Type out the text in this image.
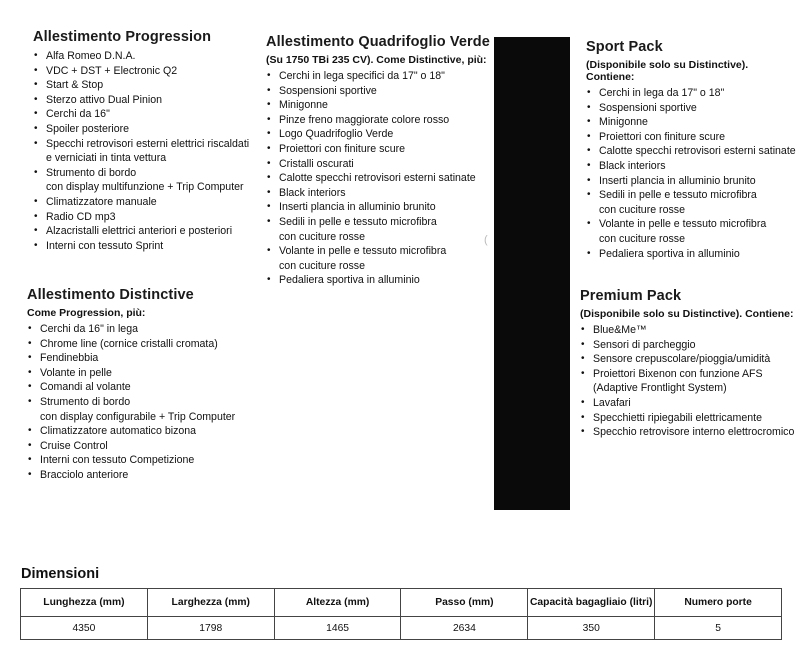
Allestimento Progression
• Alfa Romeo D.N.A.
• VDC + DST + Electronic Q2
• Start & Stop
• Sterzo attivo Dual Pinion
• Cerchi da 16"
• Spoiler posteriore
• Specchi retrovisori esterni elettrici riscaldati
e verniciati in tinta vettura
• Strumento di bordo
con display multifunzione + Trip Computer
• Climatizzatore manuale
• Radio CD mp3
• Alzacristalli elettrici anteriori e posteriori
• Interni con tessuto Sprint
Allestimento Distinctive
Come Progression, più:
• Cerchi da 16" in lega
• Chrome line (cornice cristalli cromata)
• Fendinebbia
• Volante in pelle
• Comandi al volante
• Strumento di bordo
con display configurabile + Trip Computer
• Climatizzatore automatico bizona
• Cruise Control
• Interni con tessuto Competizione
• Bracciolo anteriore
Allestimento Quadrifoglio Verde
(Su 1750 TBi 235 CV). Come Distinctive, più:
• Cerchi in lega specifici da 17" o 18"
• Sospensioni sportive
• Minigonne
• Pinze freno maggiorate colore rosso
• Logo Quadrifoglio Verde
• Proiettori con finiture scure
• Cristalli oscurati
• Calotte specchi retrovisori esterni satinate
• Black interiors
• Inserti plancia in alluminio brunito
• Sedili in pelle e tessuto microfibra
con cuciture rosse
• Volante in pelle e tessuto microfibra
con cuciture rosse
• Pedaliera sportiva in alluminio
(
Sport Pack
(Disponibile solo su Distinctive). Contiene:
• Cerchi in lega da 17" o 18"
• Sospensioni sportive
• Minigonne
• Proiettori con finiture scure
• Calotte specchi retrovisori esterni satinate
• Black interiors
• Inserti plancia in alluminio brunito
• Sedili in pelle e tessuto microfibra
con cuciture rosse
• Volante in pelle e tessuto microfibra
con cuciture rosse
• Pedaliera sportiva in alluminio
Premium Pack
(Disponibile solo su Distinctive). Contiene:
• Blue&Me™
• Sensori di parcheggio
• Sensore crepuscolare/pioggia/umidità
• Proiettori Bixenon con funzione AFS
(Adaptive Frontlight System)
• Lavafari
• Specchietti ripiegabili elettricamente
• Specchio retrovisore interno elettrocromico
Dimensioni
Lunghezza (mm)	Larghezza (mm)	Altezza (mm)	Passo (mm)	Capacità bagagliaio (litri)	Numero porte
4350	1798	1465	2634	350	5
